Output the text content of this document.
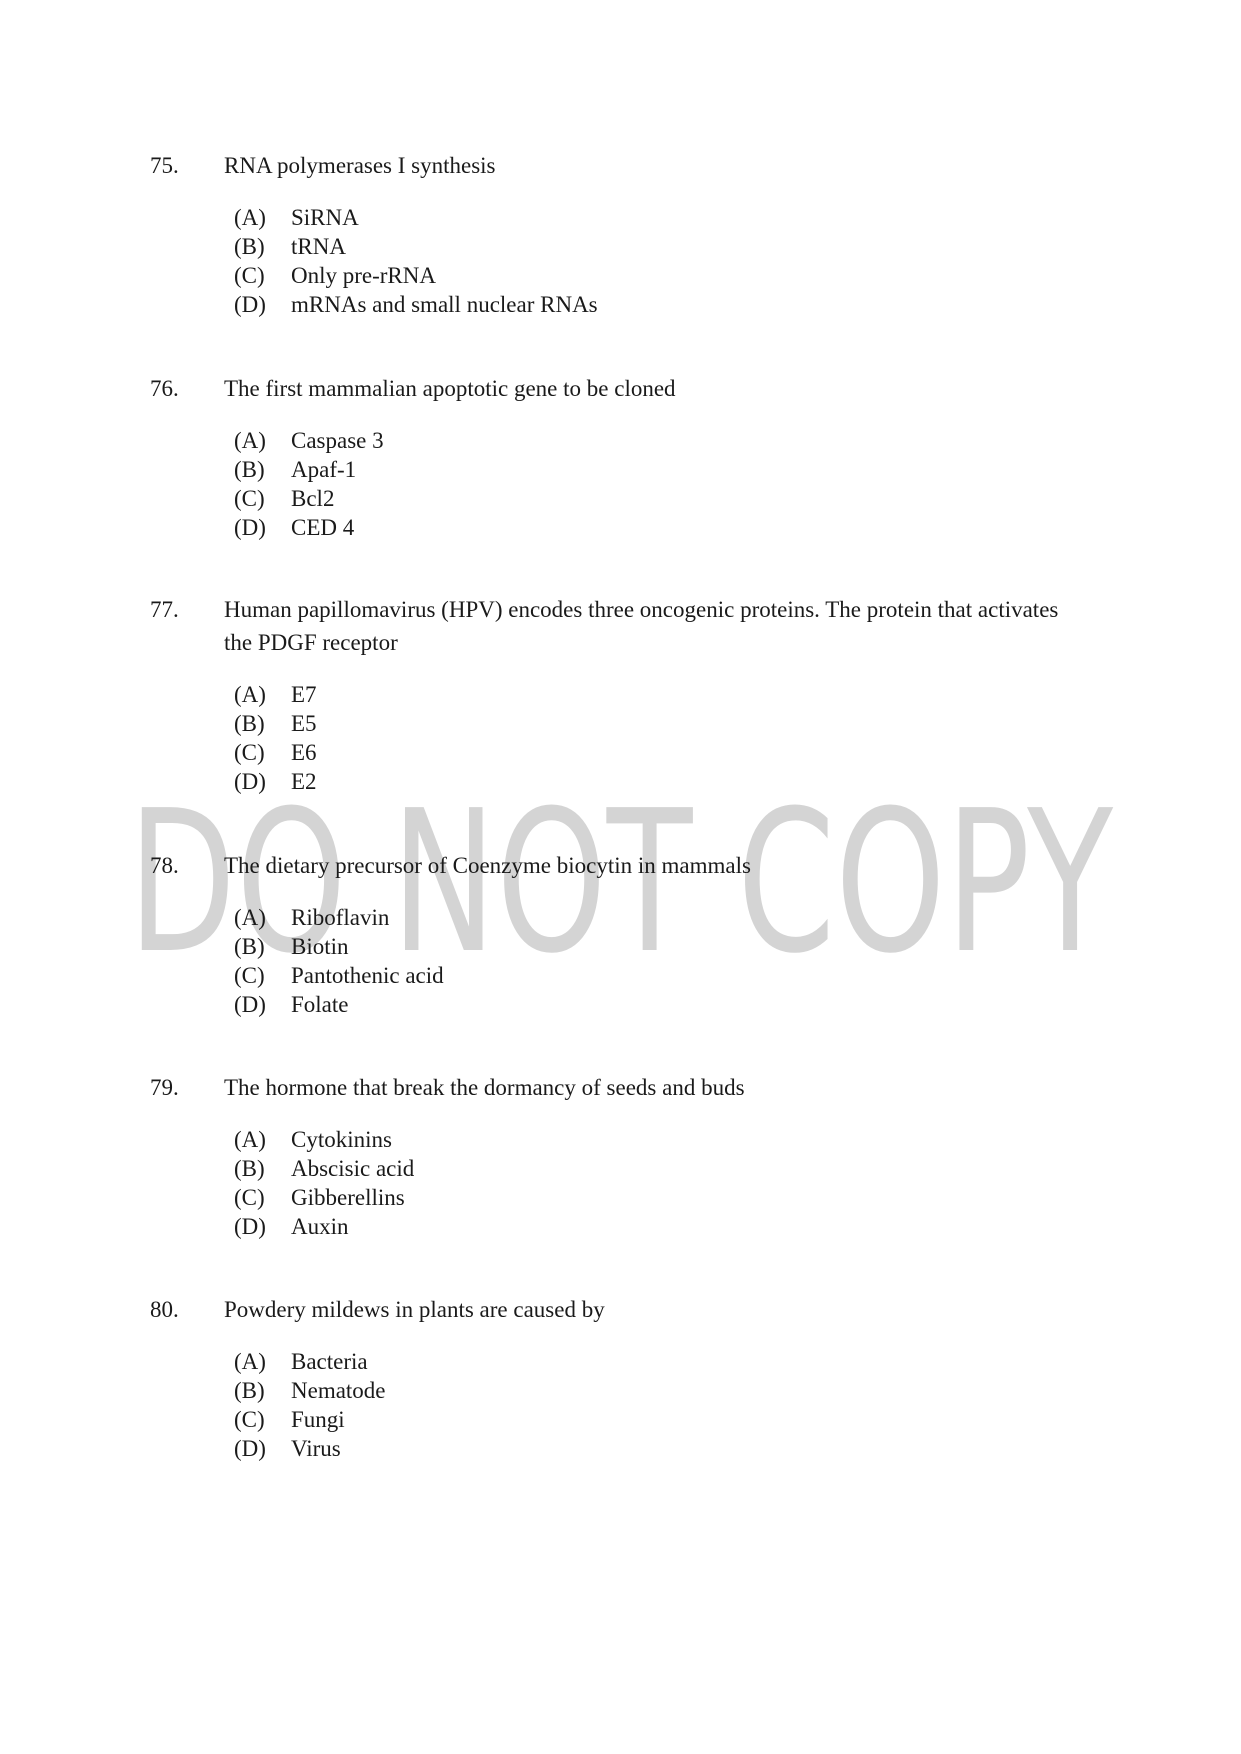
DO NOT COPY
75.	RNA polymerases I synthesis
(A)	SiRNA
(B)	tRNA
(C)	Only pre-rRNA
(D)	mRNAs and small nuclear RNAs
76.	The first mammalian apoptotic gene to be cloned
(A)	Caspase 3
(B)	Apaf-1
(C)	Bcl2
(D)	CED 4
77.	Human papillomavirus (HPV) encodes three oncogenic proteins. The protein that activates the PDGF receptor
(A)	E7
(B)	E5
(C)	E6
(D)	E2
78.	The dietary precursor of Coenzyme biocytin in mammals
(A)	Riboflavin
(B)	Biotin
(C)	Pantothenic acid
(D)	Folate
79.	The hormone that break the dormancy of seeds and buds
(A)	Cytokinins
(B)	Abscisic acid
(C)	Gibberellins
(D)	Auxin
80.	Powdery mildews in plants are caused by
(A)	Bacteria
(B)	Nematode
(C)	Fungi
(D)	Virus
